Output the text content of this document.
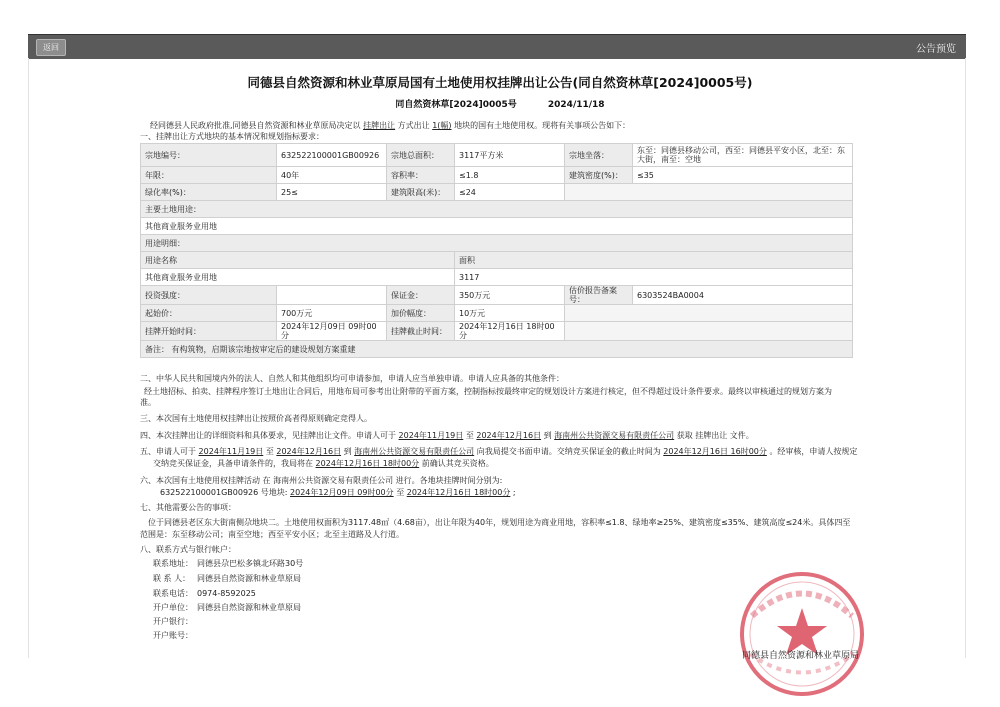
返回	公告预览
同德县自然资源和林业草原局国有土地使用权挂牌出让公告(同自然资林草[2024]0005号)
同自然资林草[2024]0005号	2024/11/18
经同德县人民政府批准,同德县自然资源和林业草原局决定以 挂牌出让 方式出让 1(幅) 地块的国有土地使用权。现将有关事项公告如下：
一、挂牌出让方式地块的基本情况和规划指标要求：
宗地编号：	632522100001GB00926	宗地总面积：	3117平方米	宗地坐落：	东至：同德县移动公司，西至：同德县平安小区，北至：东大街，南至：空地
年限：	40年	容积率：	≤1.8	建筑密度(%)：	≤35
绿化率(%)：	25≤	建筑限高(米)：	≤24		
主要土地用途：					
其他商业服务业用地					
用途明细：					
用途名称			面积		
其他商业服务业用地			3117		
投资强度：		保证金：	350万元	估价报告备案号：	6303524BA0004
起始价：	700万元	加价幅度：	10万元		
挂牌开始时间：	2024年12月09日 09时00分	挂牌截止时间：	2024年12月16日 18时00分		
备注： 有构筑物，启期该宗地按审定后的建设规划方案重建					
二、中华人民共和国境内外的法人、自然人和其他组织均可申请参加，申请人应当单独申请。申请人应具备的其他条件：
经土地招标、拍卖、挂牌程序签订土地出让合同后，用地布局可参考出让附带的平面方案，控制指标按最终审定的规划设计方案进行核定，但不得超过设计条件要求。最终以审核通过的规划方案为
准。
三、本次国有土地使用权挂牌出让按照价高者得原则确定竞得人。
四、本次挂牌出让的详细资料和具体要求，见挂牌出让文件。申请人可于 2024年11月19日 至 2024年12月16日 到 海南州公共资源交易有限责任公司 获取 挂牌出让 文件。
五、申请人可于 2024年11月19日 至 2024年12月16日 到 海南州公共资源交易有限责任公司 向我局提交书面申请。交纳竞买保证金的截止时间为 2024年12月16日 16时00分 。经审核，申请人按规定
交纳竞买保证金，具备申请条件的，我局将在 2024年12月16日 18时00分 前确认其竞买资格。
六、本次国有土地使用权挂牌活动 在 海南州公共资源交易有限责任公司 进行。各地块挂牌时间分别为:
632522100001GB00926 号地块: 2024年12月09日 09时00分 至 2024年12月16日 18时00分 ;
七、其他需要公告的事项：
位于同德县老区东大街南侧尕地块二。土地使用权面积为3117.48㎡（4.68亩），出让年限为40年，规划用途为商业用地，容积率≤1.8、绿地率≥25%、建筑密度≤35%、建筑高度≤24米。具体四至
范围是：东至移动公司；南至空地；西至平安小区；北至主道路及人行道。
八、联系方式与银行帐户：
联系地址： 同德县尕巴松多镇北环路30号
联 系 人： 同德县自然资源和林业草原局
联系电话： 0974-8592025
开户单位： 同德县自然资源和林业草原局
开户银行：
开户账号：
同德县自然资源和林业草原局
